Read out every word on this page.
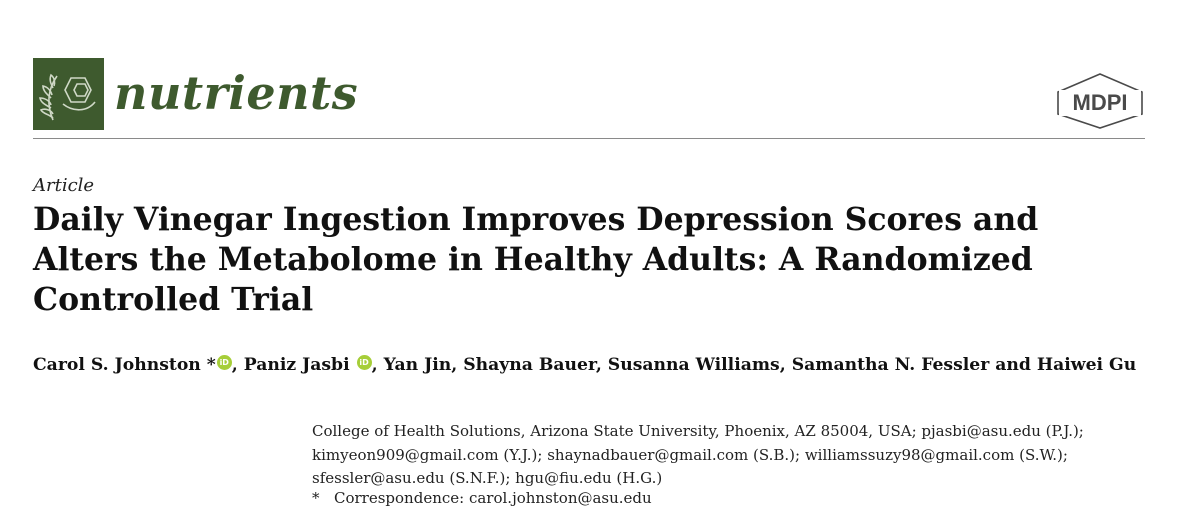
nutrients	MDPI
Article
Daily Vinegar Ingestion Improves Depression Scores and
Alters the Metabolome in Healthy Adults: A Randomized
Controlled Trial
Carol S. Johnston * iD , Paniz Jasbi iD , Yan Jin, Shayna Bauer, Susanna Williams, Samantha N. Fessler and Haiwei Gu
College of Health Solutions, Arizona State University, Phoenix, AZ 85004, USA; pjasbi@asu.edu (P.J.);
kimyeon909@gmail.com (Y.J.); shaynadbauer@gmail.com (S.B.); williamssuzy98@gmail.com (S.W.);
sfessler@asu.edu (S.N.F.); hgu@fiu.edu (H.G.)
* Correspondence: carol.johnston@asu.edu
